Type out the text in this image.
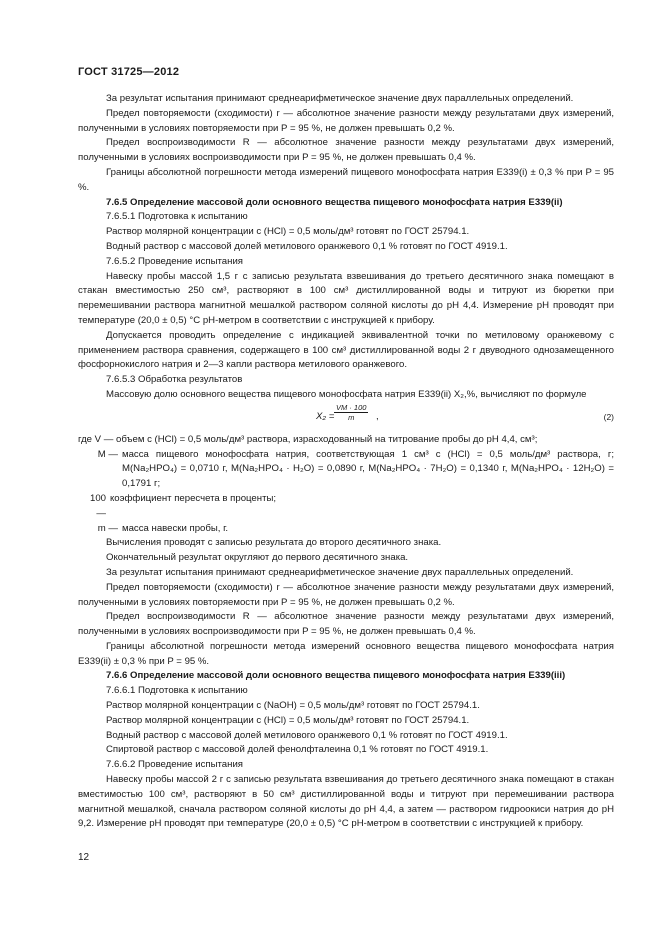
ГОСТ 31725—2012

За результат испытания принимают среднеарифметическое значение двух параллельных определений.

Предел повторяемости (сходимости) r — абсолютное значение разности между результатами двух измерений, полученными в условиях повторяемости при P = 95 %, не должен превышать 0,2 %.

Предел воспроизводимости R — абсолютное значение разности между результатами двух измерений, полученными в условиях воспроизводимости при P = 95 %, не должен превышать 0,4 %.

Границы абсолютной погрешности метода измерений пищевого монофосфата натрия Е339(i) ± 0,3 % при P = 95 %.

7.6.5 Определение массовой доли основного вещества пищевого монофосфата натрия Е339(ii)

7.6.5.1 Подготовка к испытанию

Раствор молярной концентрации c (HCl) = 0,5 моль/дм³ готовят по ГОСТ 25794.1.

Водный раствор с массовой долей метилового оранжевого 0,1 % готовят по ГОСТ 4919.1.

7.6.5.2 Проведение испытания

Навеску пробы массой 1,5 г с записью результата взвешивания до третьего десятичного знака помещают в стакан вместимостью 250 см³, растворяют в 100 см³ дистиллированной воды и титруют из бюретки при перемешивании раствора магнитной мешалкой раствором соляной кислоты до рН 4,4. Измерение рН проводят при температуре (20,0 ± 0,5) °С рН-метром в соответствии с инструкцией к прибору.

Допускается проводить определение с индикацией эквивалентной точки по метиловому оранжевому с применением раствора сравнения, содержащего в 100 см³ дистиллированной воды 2 г двуводного однозамещенного фосфорнокислого натрия и 2—3 капли раствора метилового оранжевого.

7.6.5.3 Обработка результатов

Массовую долю основного вещества пищевого монофосфата натрия Е339(ii) X₂,%, вычисляют по формуле

$X_2 = \frac{VM \cdot 100}{m}$ ,	(2)

где V — объем c (HCl) = 0,5 моль/дм³ раствора, израсходованный на титрование пробы до рН 4,4, см³;

M — масса пищевого монофосфата натрия, соответствующая 1 см³ c (HCl) = 0,5 моль/дм³ раствора, г; M(Na₂HPO₄) = 0,0710 г, M(Na₂HPO₄ · H₂O) = 0,0890 г, M(Na₂HPO₄ · 7H₂O) = 0,1340 г, M(Na₂HPO₄ · 12H₂O) = 0,1791 г;
100 —
коэффициент пересчета в проценты;
m — масса навески пробы, г.

Вычисления проводят с записью результата до второго десятичного знака.

Окончательный результат округляют до первого десятичного знака.

За результат испытания принимают среднеарифметическое значение двух параллельных определений.

Предел повторяемости (сходимости) r — абсолютное значение разности между результатами двух измерений, полученными в условиях повторяемости при P = 95 %, не должен превышать 0,2 %.

Предел воспроизводимости R — абсолютное значение разности между результатами двух измерений, полученными в условиях воспроизводимости при P = 95 %, не должен превышать 0,4 %.

Границы абсолютной погрешности метода измерений основного вещества пищевого монофосфата натрия Е339(ii) ± 0,3 % при P = 95 %.

7.6.6 Определение массовой доли основного вещества пищевого монофосфата натрия Е339(iii)

7.6.6.1 Подготовка к испытанию

Раствор молярной концентрации c (NaOH) = 0,5 моль/дм³ готовят по ГОСТ 25794.1.

Раствор молярной концентрации c (HCl) = 0,5 моль/дм³ готовят по ГОСТ 25794.1.

Водный раствор с массовой долей метилового оранжевого 0,1 % готовят по ГОСТ 4919.1.

Спиртовой раствор с массовой долей фенолфталеина 0,1 % готовят по ГОСТ 4919.1.

7.6.6.2 Проведение испытания

Навеску пробы массой 2 г с записью результата взвешивания до третьего десятичного знака помещают в стакан вместимостью 100 см³, растворяют в 50 см³ дистиллированной воды и титруют при перемешивании раствора магнитной мешалкой, сначала раствором соляной кислоты до рН 4,4, а затем — раствором гидроокиси натрия до рН 9,2. Измерение рН проводят при температуре (20,0 ± 0,5) °С рН-метром в соответствии с инструкцией к прибору.

12
